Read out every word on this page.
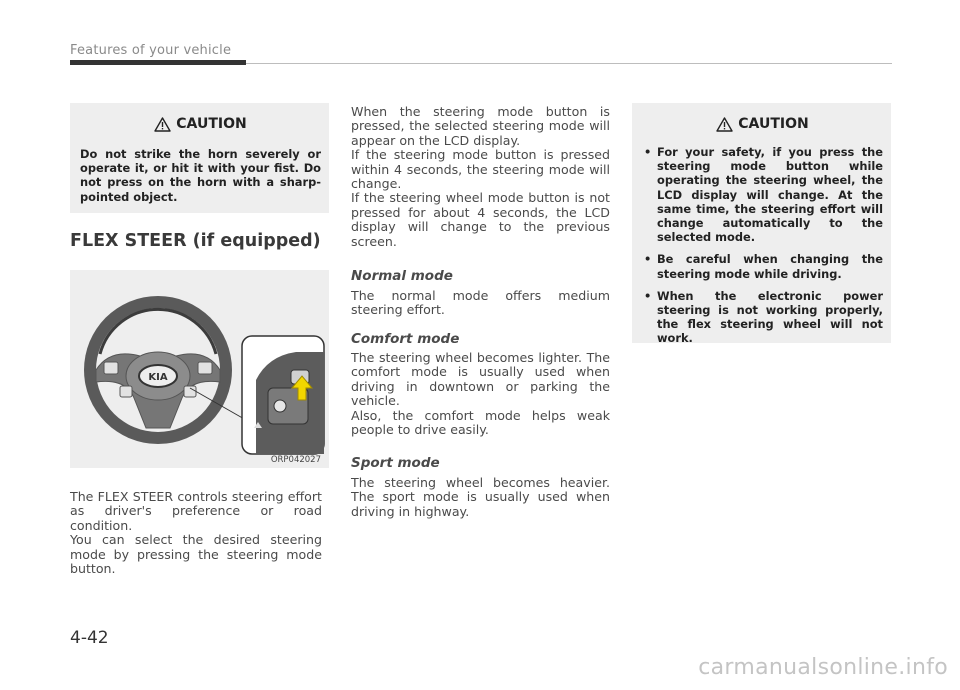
Features of your vehicle
CAUTION
Do not strike the horn severely or operate it, or hit it with your fist. Do not press on the horn with a sharp-pointed object.
FLEX STEER (if equipped)
KIA
ORP042027

The FLEX STEER controls steering effort as driver's preference or road condition.

You can select the desired steering mode by pressing the steering mode button.

When the steering mode button is pressed, the selected steering mode will appear on the LCD display.

If the steering mode button is pressed within 4 seconds, the steering mode will change.

If the steering wheel mode button is not pressed for about 4 seconds, the LCD display will change to the previous screen.

Normal mode

The normal mode offers medium steering effort.

Comfort mode

The steering wheel becomes lighter. The comfort mode is usually used when driving in downtown or parking the vehicle.

Also, the comfort mode helps weak people to drive easily.

Sport mode

The steering wheel becomes heavier. The sport mode is usually used when driving in highway.

CAUTION
• For your safety, if you press the steering mode button while operating the steering wheel, the LCD display will change. At the same time, the steering effort will change automatically to the selected mode.
• Be careful when changing the steering mode while driving.
• When the electronic power steering is not working properly, the flex steering wheel will not work.
4-42
carmanualsonline.info
